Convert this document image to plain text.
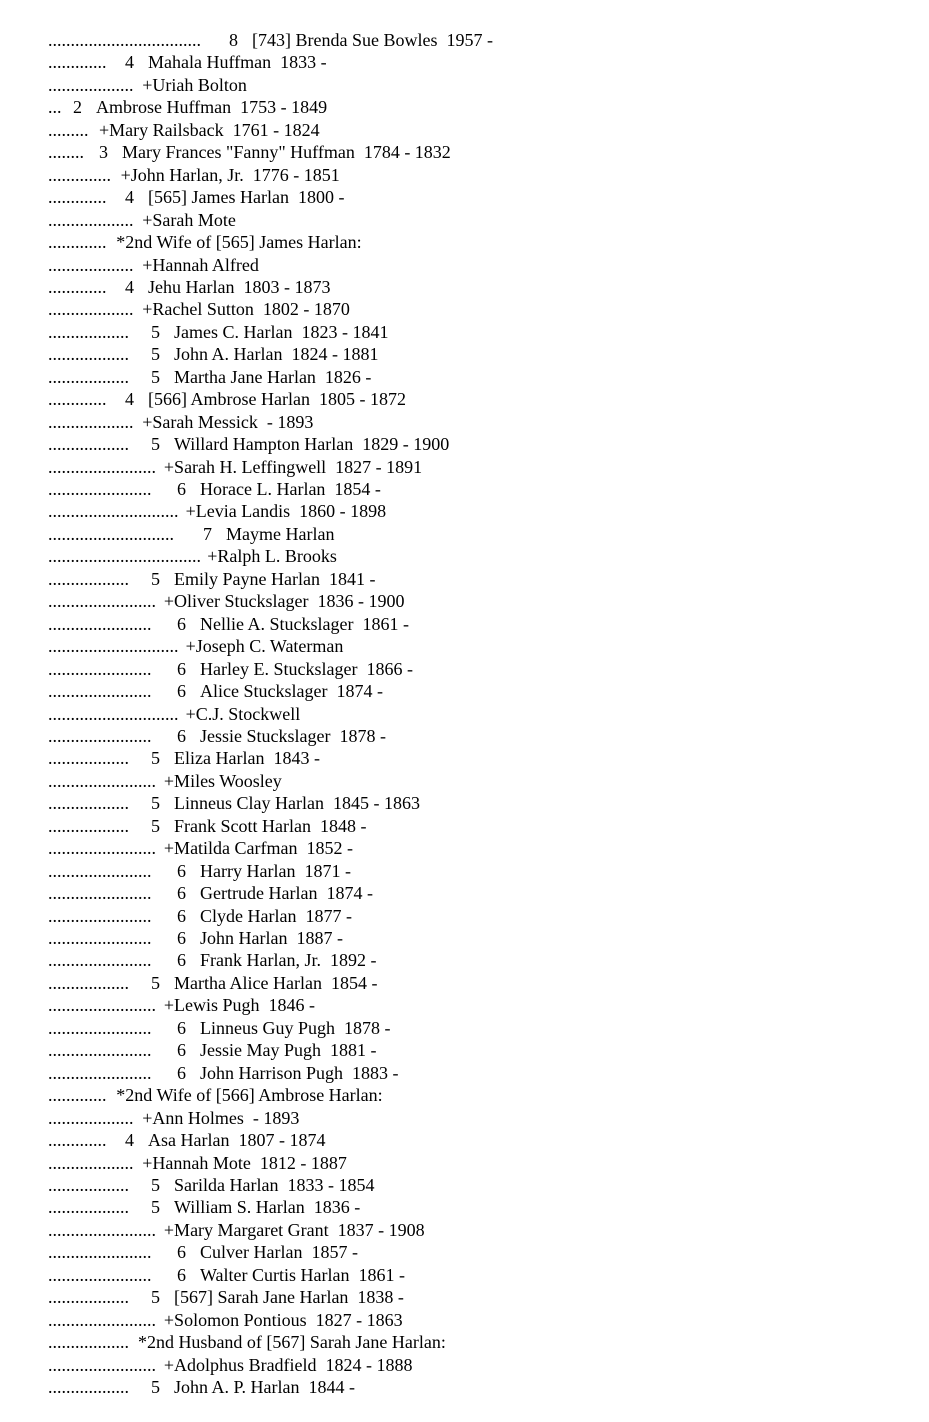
.................................. 8 [743] Brenda Sue Bowles  1957 -
............. 4 Mahala Huffman  1833 -
................... +Uriah Bolton
... 2 Ambrose Huffman  1753 - 1849
......... +Mary Railsback  1761 - 1824
........ 3 Mary Frances "Fanny" Huffman  1784 - 1832
.............. +John Harlan, Jr.  1776 - 1851
............. 4 [565] James Harlan  1800 -
................... +Sarah Mote
............. *2nd Wife of [565] James Harlan:
................... +Hannah Alfred
............. 4 Jehu Harlan  1803 - 1873
................... +Rachel Sutton  1802 - 1870
.................. 5 James C. Harlan  1823 - 1841
.................. 5 John A. Harlan  1824 - 1881
.................. 5 Martha Jane Harlan  1826 -
............. 4 [566] Ambrose Harlan  1805 - 1872
................... +Sarah Messick  - 1893
.................. 5 Willard Hampton Harlan  1829 - 1900
........................ +Sarah H. Leffingwell  1827 - 1891
....................... 6 Horace L. Harlan  1854 -
............................. +Levia Landis  1860 - 1898
............................ 7 Mayme Harlan
.................................. +Ralph L. Brooks
.................. 5 Emily Payne Harlan  1841 -
........................ +Oliver Stuckslager  1836 - 1900
....................... 6 Nellie A. Stuckslager  1861 -
............................. +Joseph C. Waterman
....................... 6 Harley E. Stuckslager  1866 -
....................... 6 Alice Stuckslager  1874 -
............................. +C.J. Stockwell
....................... 6 Jessie Stuckslager  1878 -
.................. 5 Eliza Harlan  1843 -
........................ +Miles Woosley
.................. 5 Linneus Clay Harlan  1845 - 1863
.................. 5 Frank Scott Harlan  1848 -
........................ +Matilda Carfman  1852 -
....................... 6 Harry Harlan  1871 -
....................... 6 Gertrude Harlan  1874 -
....................... 6 Clyde Harlan  1877 -
....................... 6 John Harlan  1887 -
....................... 6 Frank Harlan, Jr.  1892 -
.................. 5 Martha Alice Harlan  1854 -
........................ +Lewis Pugh  1846 -
....................... 6 Linneus Guy Pugh  1878 -
....................... 6 Jessie May Pugh  1881 -
....................... 6 John Harrison Pugh  1883 -
............. *2nd Wife of [566] Ambrose Harlan:
................... +Ann Holmes  - 1893
............. 4 Asa Harlan  1807 - 1874
................... +Hannah Mote  1812 - 1887
.................. 5 Sarilda Harlan  1833 - 1854
.................. 5 William S. Harlan  1836 -
........................ +Mary Margaret Grant  1837 - 1908
....................... 6 Culver Harlan  1857 -
....................... 6 Walter Curtis Harlan  1861 -
.................. 5 [567] Sarah Jane Harlan  1838 -
........................ +Solomon Pontious  1827 - 1863
.................. *2nd Husband of [567] Sarah Jane Harlan:
........................ +Adolphus Bradfield  1824 - 1888
.................. 5 John A. P. Harlan  1844 -
